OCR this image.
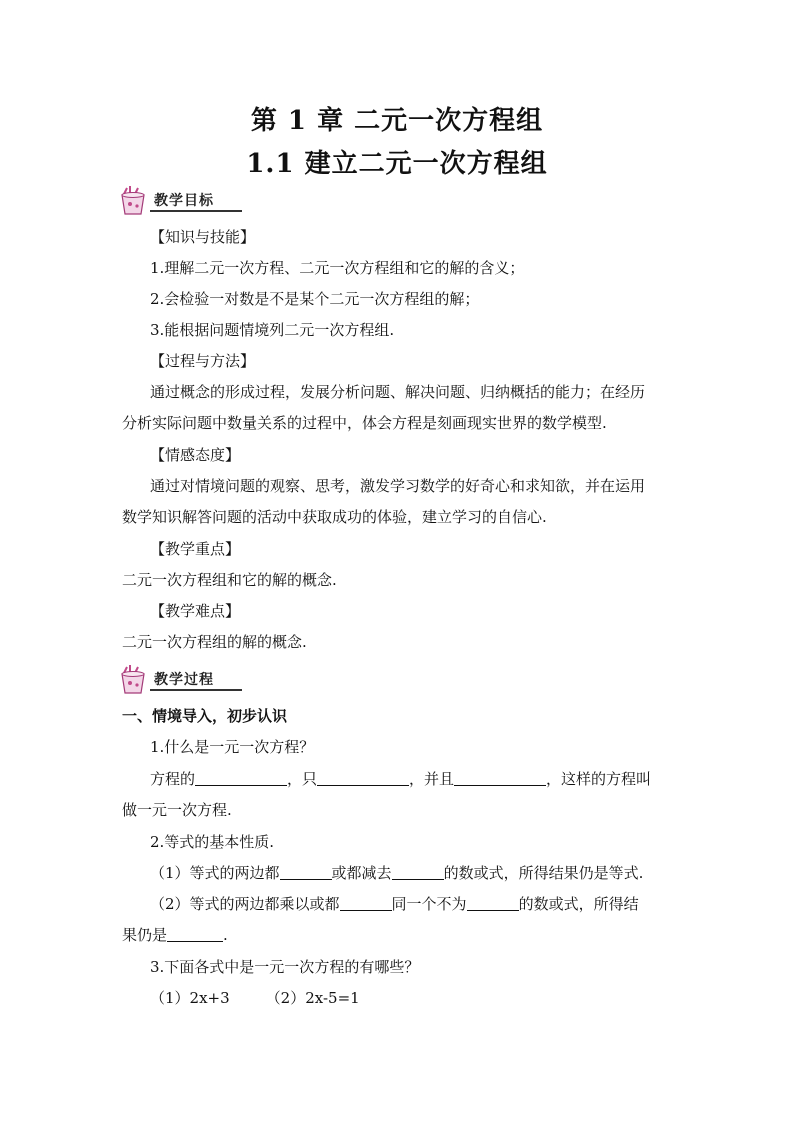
第 1 章 二元一次方程组
1.1 建立二元一次方程组
教学目标
【知识与技能】
1.理解二元一次方程、二元一次方程组和它的解的含义；
2.会检验一对数是不是某个二元一次方程组的解；
3.能根据问题情境列二元一次方程组.
【过程与方法】
通过概念的形成过程，发展分析问题、解决问题、归纳概括的能力；在经历
分析实际问题中数量关系的过程中，体会方程是刻画现实世界的数学模型.
【情感态度】
通过对情境问题的观察、思考，激发学习数学的好奇心和求知欲，并在运用
数学知识解答问题的活动中获取成功的体验，建立学习的自信心.
【教学重点】
二元一次方程组和它的解的概念.
【教学难点】
二元一次方程组的解的概念.
教学过程
一、情境导入，初步认识
1.什么是一元一次方程？
方程的	，只	，并且	，这样的方程叫
做一元一次方程.
2.等式的基本性质.
（1）等式的两边都	或都减去	的数或式，所得结果仍是等式.
（2）等式的两边都乘以或都	同一个不为	的数或式，所得结
果仍是	.
3.下面各式中是一元一次方程的有哪些？
（1）2x+3 （2）2x-5=1
